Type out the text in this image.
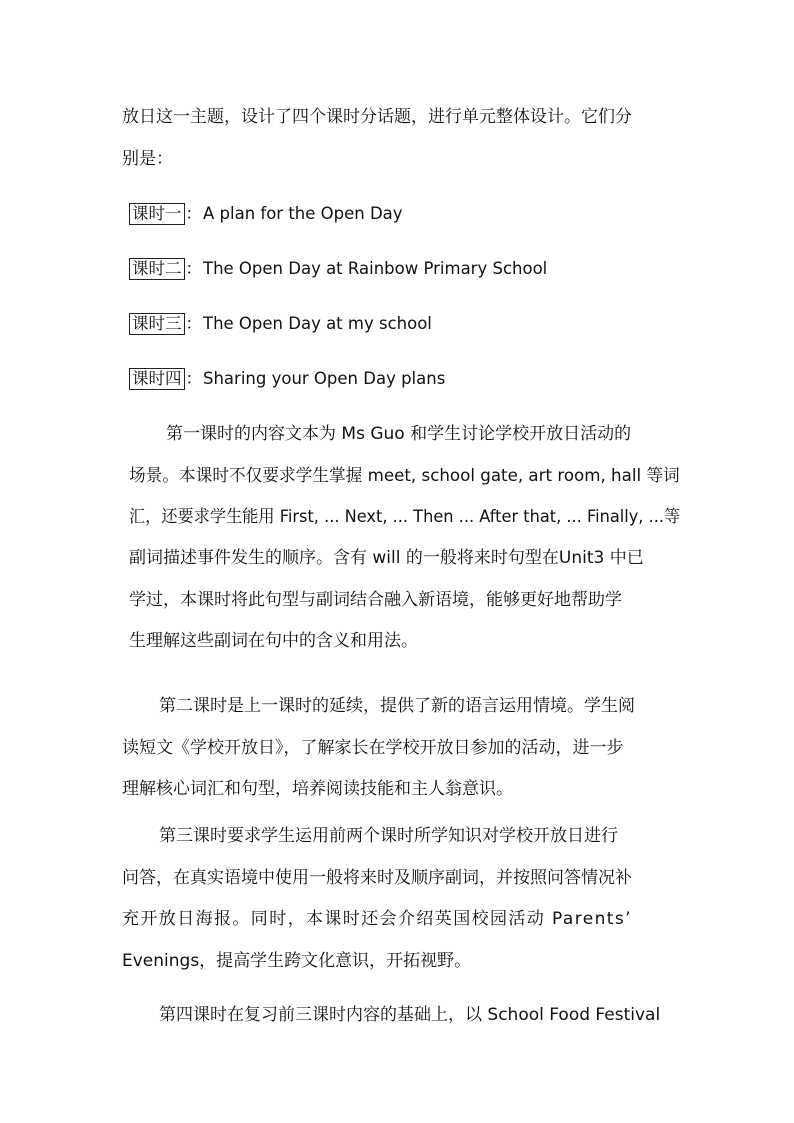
放日这一主题，设计了四个课时分话题，进行单元整体设计。它们分
别是：
课时一 ： A plan for the Open Day
课时二 ： The Open Day at Rainbow Primary School
课时三 ： The Open Day at my school
课时四 ： Sharing your Open Day plans
第一课时的内容文本为 Ms Guo 和学生讨论学校开放日活动的
场景。本课时不仅要求学生掌握 meet, school gate, art room, hall 等词
汇，还要求学生能用 First, ... Next, ... Then ... After that, ... Finally, ...等
副词描述事件发生的顺序。含有 will 的一般将来时句型在Unit3 中已
学过，本课时将此句型与副词结合融入新语境，能够更好地帮助学
生理解这些副词在句中的含义和用法。
第二课时是上一课时的延续，提供了新的语言运用情境。学生阅
读短文《学校开放日》，了解家长在学校开放日参加的活动，进一步
理解核心词汇和句型，培养阅读技能和主人翁意识。
第三课时要求学生运用前两个课时所学知识对学校开放日进行
问答，在真实语境中使用一般将来时及顺序副词，并按照问答情况补
充开放日海报。同时，本课时还会介绍英国校园活动 Parents’
Evenings，提高学生跨文化意识，开拓视野。
第四课时在复习前三课时内容的基础上，以 School Food Festival
